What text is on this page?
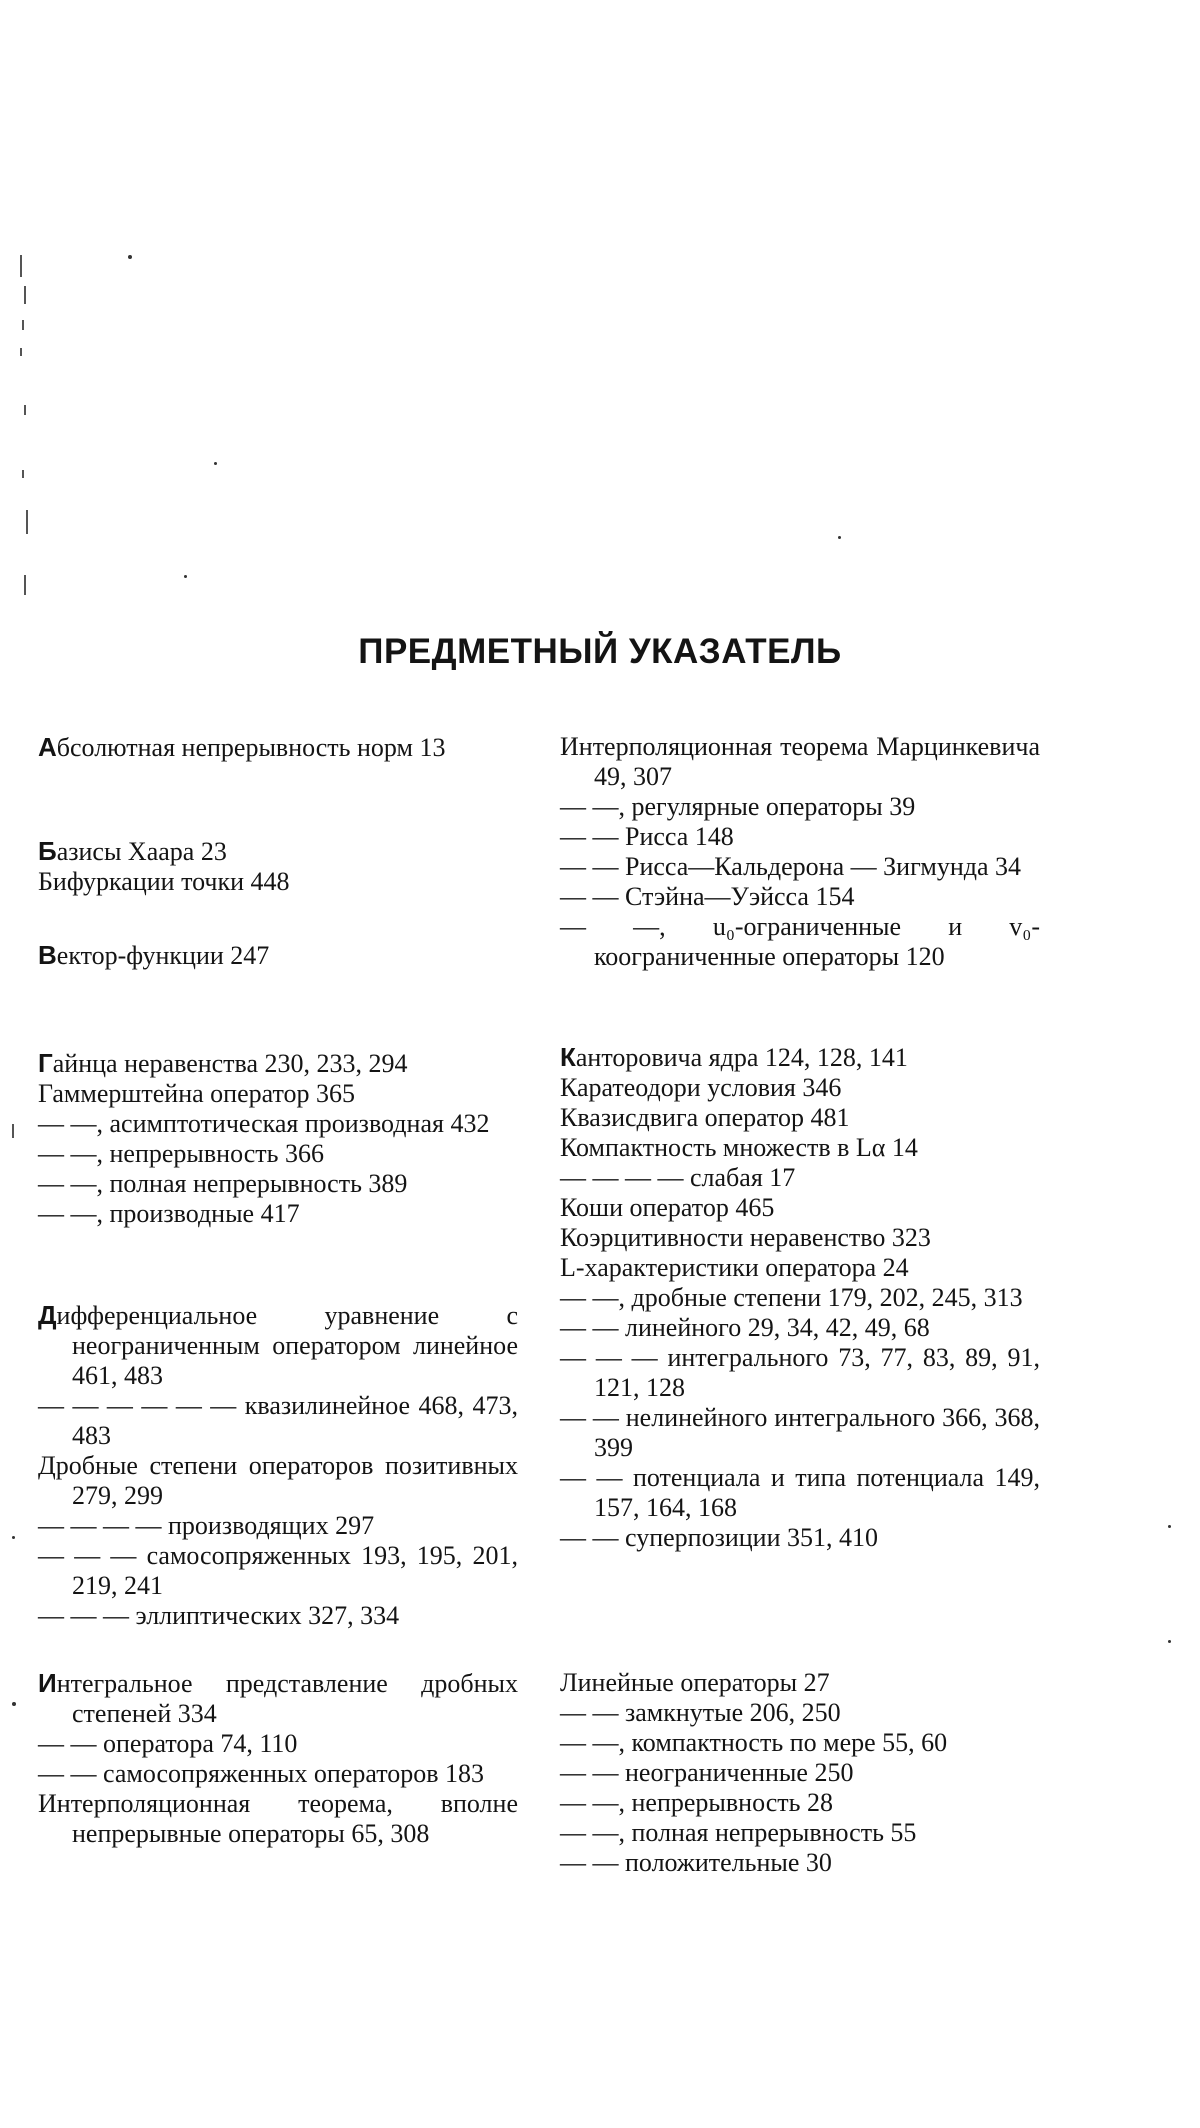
ПРЕДМЕТНЫЙ УКАЗАТЕЛЬ

Абсолютная непрерывность норм 13

Базисы Хаара 23

Бифуркации точки 448

Вектор-функции 247

Гайнца неравенства 230, 233, 294

Гаммерштейна оператор 365

— —, асимптотическая производная 432

— —, непрерывность 366

— —, полная непрерывность 389

— —, производные 417

Дифференциальное уравнение с неограниченным оператором линейное 461, 483

— — — — — — квазилинейное 468, 473, 483

Дробные степени операторов позитивных 279, 299

— — — — производящих 297

— — — самосопряженных 193, 195, 201, 219, 241

— — — эллиптических 327, 334

Интегральное представление дробных степеней 334

— — оператора 74, 110

— — самосопряженных операторов 183

Интерполяционная теорема, вполне непрерывные операторы 65, 308

Интерполяционная теорема Марцинкевича 49, 307

— —, регулярные операторы 39

— — Рисса 148

— — Рисса—Кальдерона — Зигмунда 34

— — Стэйна—Уэйсса 154

— —, u₀-ограниченные и v₀-коограниченные операторы 120

Канторовича ядра 124, 128, 141

Каратеодори условия 346

Квазисдвига оператор 481

Компактность множеств в Lα 14

— — — — слабая 17

Коши оператор 465

Коэрцитивности неравенство 323

L-характеристики оператора 24

— —, дробные степени 179, 202, 245, 313

— — линейного 29, 34, 42, 49, 68

— — — интегрального 73, 77, 83, 89, 91, 121, 128

— — нелинейного интегрального 366, 368, 399

— — потенциала и типа потенциала 149, 157, 164, 168

— — суперпозиции 351, 410

Линейные операторы 27

— — замкнутые 206, 250

— —, компактность по мере 55, 60

— — неограниченные 250

— —, непрерывность 28

— —, полная непрерывность 55

— — положительные 30
